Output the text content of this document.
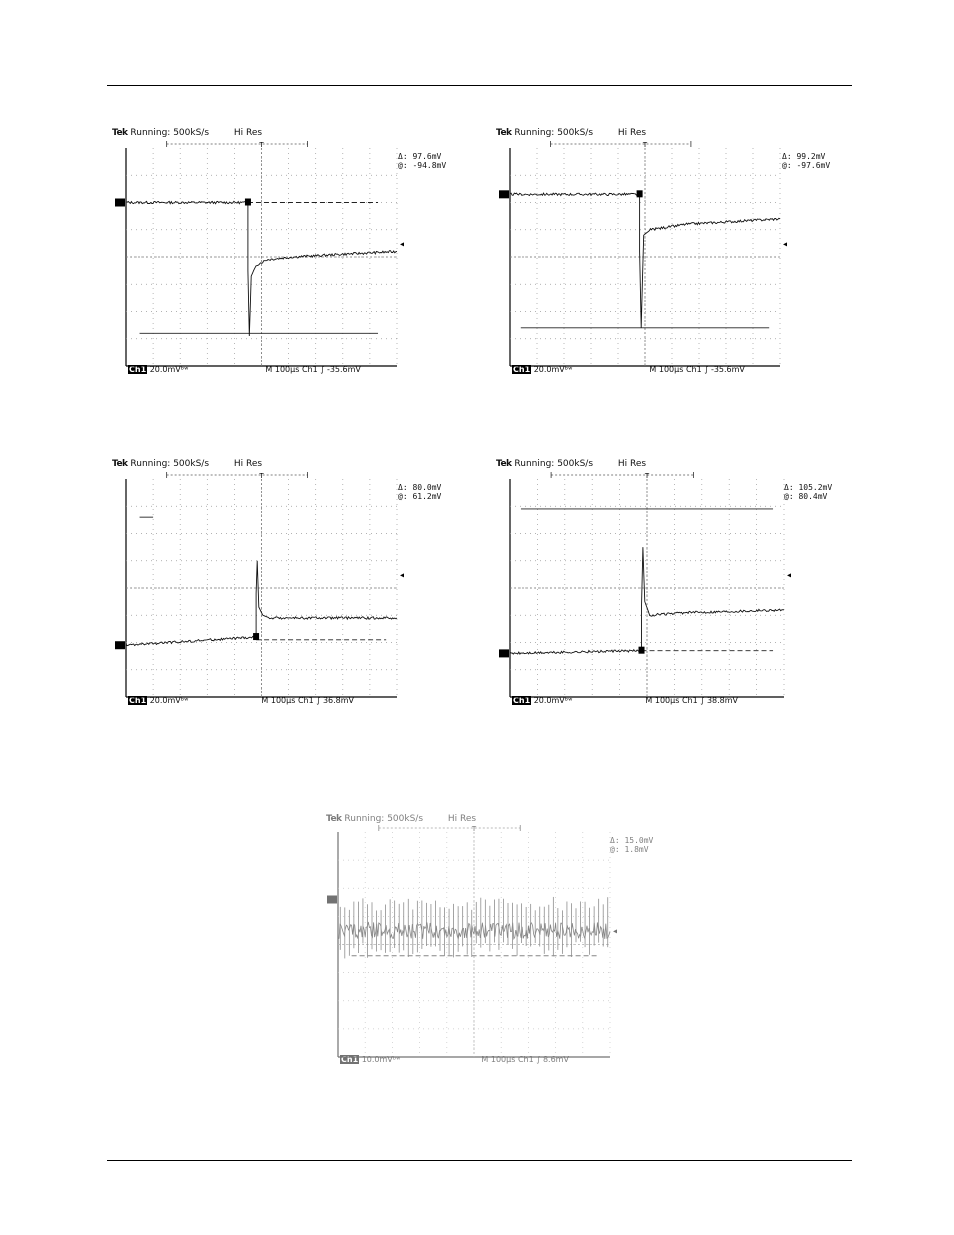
Tek Running: 500kS/s	Hi Res
Δ: 97.6mV
@: -94.8mV
Ch1 20.0mVᵇʷ	M 100µs Ch1 ∫ -35.6mV
T
◂
Tek Running: 500kS/s	Hi Res
Δ: 99.2mV
@: -97.6mV
Ch1 20.0mVᵇʷ	M 100µs Ch1 ∫ -35.6mV
T
◂
Tek Running: 500kS/s	Hi Res
Δ: 80.0mV
@: 61.2mV
Ch1 20.0mVᵇʷ	M 100µs Ch1 ∫ 36.8mV
T
◂
Tek Running: 500kS/s	Hi Res
Δ: 105.2mV
@: 80.4mV
Ch1 20.0mVᵇʷ	M 100µs Ch1 ∫ 38.8mV
T
◂
Tek Running: 500kS/s	Hi Res
Δ: 15.0mV
@: 1.8mV
Ch1 10.0mVᵇʷ	M 100µs Ch1 ∫ 8.6mV
T
◂
